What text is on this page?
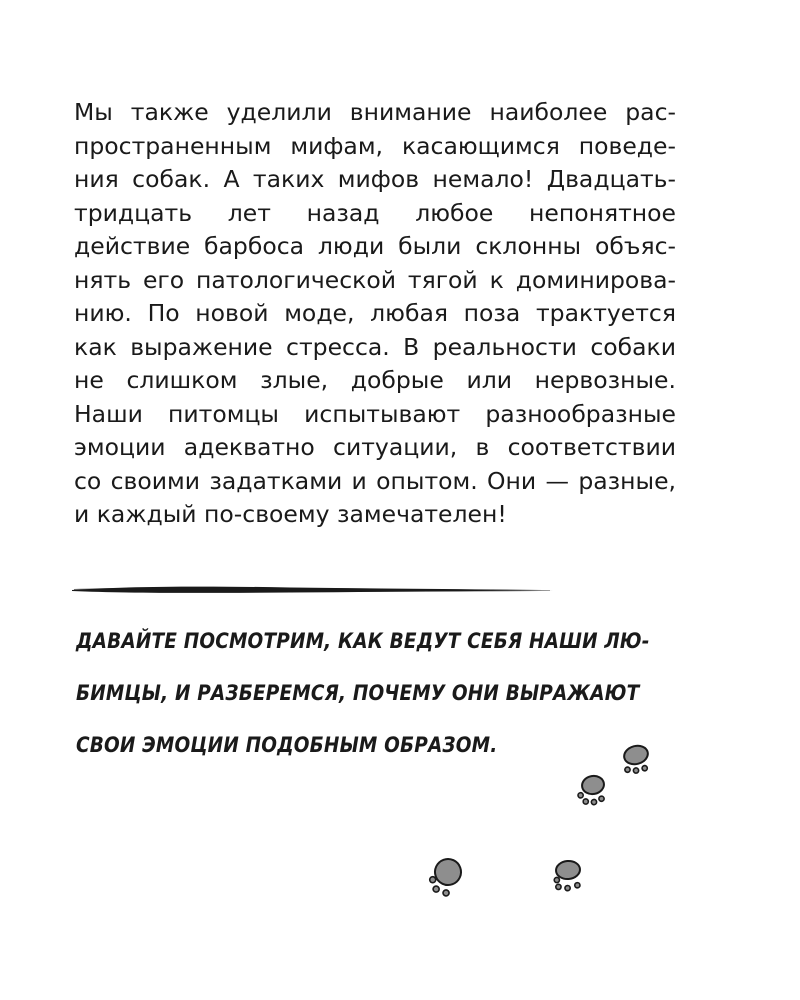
Мы также уделили внимание наиболее рас-
пространенным мифам, касающимся поведе-
ния собак. А таких мифов немало! Двадцать-
тридцать лет назад любое непонятное
действие барбоса люди были склонны объяс-
нять его патологической тягой к доминирова-
нию. По новой моде, любая поза трактуется
как выражение стресса. В реальности собаки
не слишком злые, добрые или нервозные.
Наши питомцы испытывают разнообразные
эмоции адекватно ситуации, в соответствии
со своими задатками и опытом. Они — разные,
и каждый по-своему замечателен!
ДАВАЙТЕ ПОСМОТРИМ, КАК ВЕДУТ СЕБЯ НАШИ ЛЮ-
БИМЦЫ, И РАЗБЕРЕМСЯ, ПОЧЕМУ ОНИ ВЫРАЖАЮТ
СВОИ ЭМОЦИИ ПОДОБНЫМ ОБРАЗОМ.
